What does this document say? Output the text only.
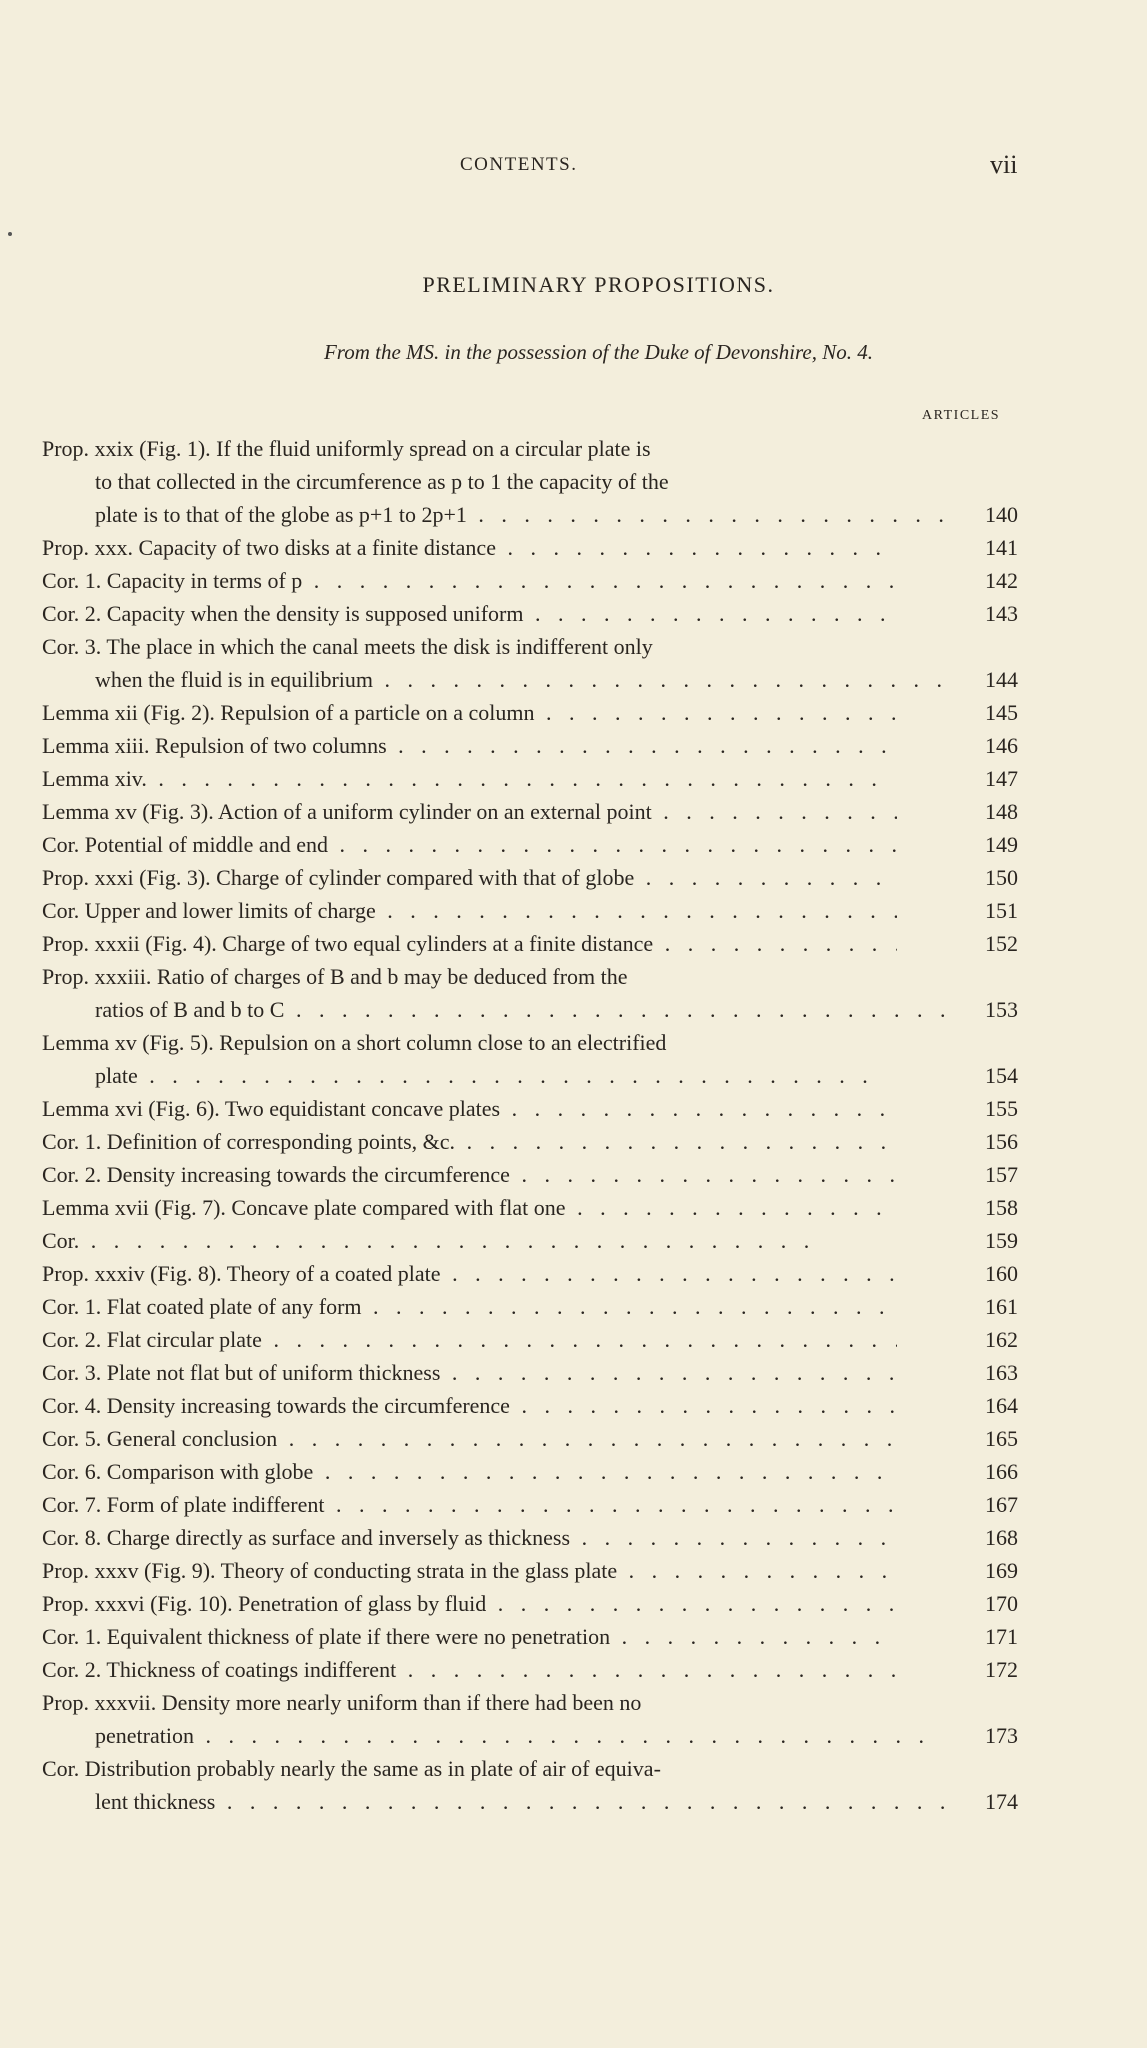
CONTENTS.	vii
PRELIMINARY PROPOSITIONS.
From the MS. in the possession of the Duke of Devonshire, No. 4.
ARTICLES
Prop. xxix (Fig. 1). If the fluid uniformly spread on a circular plate is
to that collected in the circumference as p to 1 the capacity of the
plate is to that of the globe as p+1 to 2p+1 . .	140
Prop. xxx. Capacity of two disks at a finite distance . .	141
Cor. 1. Capacity in terms of p . .	142
Cor. 2. Capacity when the density is supposed uniform . .	143
Cor. 3. The place in which the canal meets the disk is indifferent only
when the fluid is in equilibrium . .	144
Lemma xii (Fig. 2). Repulsion of a particle on a column . .	145
Lemma xiii. Repulsion of two columns . .	146
Lemma xiv. . .	147
Lemma xv (Fig. 3). Action of a uniform cylinder on an external point . .	148
Cor. Potential of middle and end . .	149
Prop. xxxi (Fig. 3). Charge of cylinder compared with that of globe . .	150
Cor. Upper and lower limits of charge . .	151
Prop. xxxii (Fig. 4). Charge of two equal cylinders at a finite distance . .	152
Prop. xxxiii. Ratio of charges of B and b may be deduced from the
ratios of B and b to C . .	153
Lemma xv (Fig. 5). Repulsion on a short column close to an electrified
plate . .	154
Lemma xvi (Fig. 6). Two equidistant concave plates . .	155
Cor. 1. Definition of corresponding points, &c. . .	156
Cor. 2. Density increasing towards the circumference . .	157
Lemma xvii (Fig. 7). Concave plate compared with flat one . .	158
Cor. . .	159
Prop. xxxiv (Fig. 8). Theory of a coated plate . .	160
Cor. 1. Flat coated plate of any form . .	161
Cor. 2. Flat circular plate . .	162
Cor. 3. Plate not flat but of uniform thickness . .	163
Cor. 4. Density increasing towards the circumference . .	164
Cor. 5. General conclusion . .	165
Cor. 6. Comparison with globe . .	166
Cor. 7. Form of plate indifferent . .	167
Cor. 8. Charge directly as surface and inversely as thickness . .	168
Prop. xxxv (Fig. 9). Theory of conducting strata in the glass plate . .	169
Prop. xxxvi (Fig. 10). Penetration of glass by fluid . .	170
Cor. 1. Equivalent thickness of plate if there were no penetration . .	171
Cor. 2. Thickness of coatings indifferent . .	172
Prop. xxxvii. Density more nearly uniform than if there had been no
penetration . .	173
Cor. Distribution probably nearly the same as in plate of air of equiva-
lent thickness . .	174
